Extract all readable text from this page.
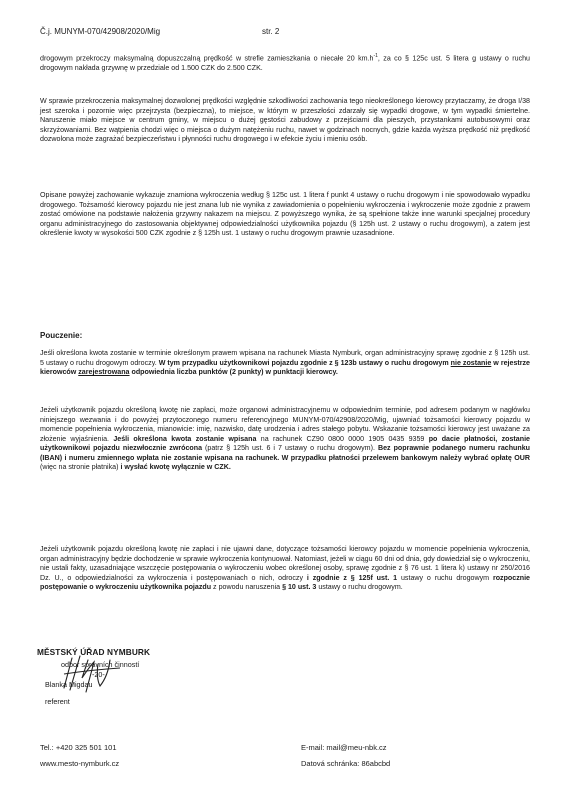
Č.j. MUNYM-070/42908/2020/Mig	str. 2

drogowym przekroczy maksymalną dopuszczalną prędkość w strefie zamieszkania o niecałe 20 $km.h^{-1}$, za co § 125c ust. 5 litera g ustawy o ruchu drogowym nakłada grzywnę w przedziale od 1.500 CZK do 2.500 CZK.

W sprawie przekroczenia maksymalnej dozwolonej prędkości względnie szkodliwości zachowania tego nieokreślonego kierowcy przytaczamy, że droga I/38 jest szeroka i pozornie więc przejrzysta (bezpieczna), to miejsce, w którym w przeszłości zdarzały się wypadki drogowe, w tym wypadki śmiertelne. Naruszenie miało miejsce w centrum gminy, w miejscu o dużej gęstości zabudowy z przejściami dla pieszych, przystankami autobusowymi oraz skrzyżowaniami. Bez wątpienia chodzi więc o miejsca o dużym natężeniu ruchu, nawet w godzinach nocnych, gdzie każda wyższa prędkość niż prędkość dozwolona może zagrażać bezpieczeństwu i płynności ruchu drogowego i w efekcie życiu i mieniu osób.

Opisane powyżej zachowanie wykazuje znamiona wykroczenia według § 125c ust. 1 litera f punkt 4 ustawy o ruchu drogowym i nie spowodowało wypadku drogowego. Tożsamość kierowcy pojazdu nie jest znana lub nie wynika z zawiadomienia o popełnieniu wykroczenia i wykroczenie może zgodnie z prawem zostać omówione na podstawie nałożenia grzywny nakazem na miejscu. Z powyższego wynika, że są spełnione także inne warunki specjalnej procedury organu administracyjnego do zastosowania objektywnej odpowiedzialności użytkownika pojazdu (§ 125h ust. 2 ustawy o ruchu drogowym), a zatem jest określenie kwoty w wysokości 500 CZK zgodnie z § 125h ust. 1 ustawy o ruchu drogowym prawnie uzasadnione.

Pouczenie:

Jeśli określona kwota zostanie w terminie określonym prawem wpisana na rachunek Miasta Nymburk, organ administracyjny sprawę zgodnie z § 125h ust. 5 ustawy o ruchu drogowym odroczy. W tym przypadku użytkownikowi pojazdu zgodnie z § 123b ustawy o ruchu drogowym nie zostanie w rejestrze kierowców zarejestrowana odpowiednia liczba punktów (2 punkty) w punktacji kierowcy.

Jeżeli użytkownik pojazdu określoną kwotę nie zapłaci, może organowi administracyjnemu w odpowiednim terminie, pod adresem podanym w nagłówku niniejszego wezwania i do powyżej przytoczonego numeru referencyjnego MUNYM-070/42908/2020/Mig, ujawniać tożsamości kierowcy pojazdu w momencie popełnienia wykroczenia, mianowicie: imię, nazwisko, datę urodzenia i adres stałego pobytu. Wskazanie tożsamości kierowcy jest uważane za złożenie wyjaśnienia. Jeśli określona kwota zostanie wpisana na rachunek CZ90 0800 0000 1905 0435 9359 po dacie płatności, zostanie użytkownikowi pojazdu niezwłocznie zwrócona (patrz § 125h ust. 6 i 7 ustawy o ruchu drogowym). Bez poprawnie podanego numeru rachunku (IBAN) i numeru zmiennego wpłata nie zostanie wpisana na rachunek. W przypadku płatności przelewem bankowym należy wybrać opłatę OUR (więc na stronie płatnika) i wysłać kwotę wyłącznie w CZK.

Jeżeli użytkownik pojazdu określoną kwotę nie zapłaci i nie ujawni dane, dotyczące tożsamości kierowcy pojazdu w momencie popełnienia wykroczenia, organ administracyjny będzie dochodzenie w sprawie wykroczenia kontynuował. Natomiast, jeżeli w ciągu 60 dni od dnia, gdy dowiedział się o wykroczeniu, nie ustali fakty, uzasadniające wszczęcie postępowania o wykroczeniu wobec określonej osoby, sprawę zgodnie z § 76 ust. 1 litera k) ustawy nr 250/2016 Dz. U., o odpowiedzialności za wykroczenia i postępowaniach o nich, odroczy i zgodnie z § 125f ust. 1 ustawy o ruchu drogowym rozpocznie postępowanie o wykroczeniu użytkownika pojazdu z powodu naruszenia § 10 ust. 3 ustawy o ruchu drogowym.

MĚSTSKÝ ÚŘAD NYMBURK
odbor správních činností
-20-
Blanka Migdau
referent
Tel.: +420 325 501 101
www.mesto-nymburk.cz
E-mail: mail@meu-nbk.cz
Datová schránka: 86abcbd
